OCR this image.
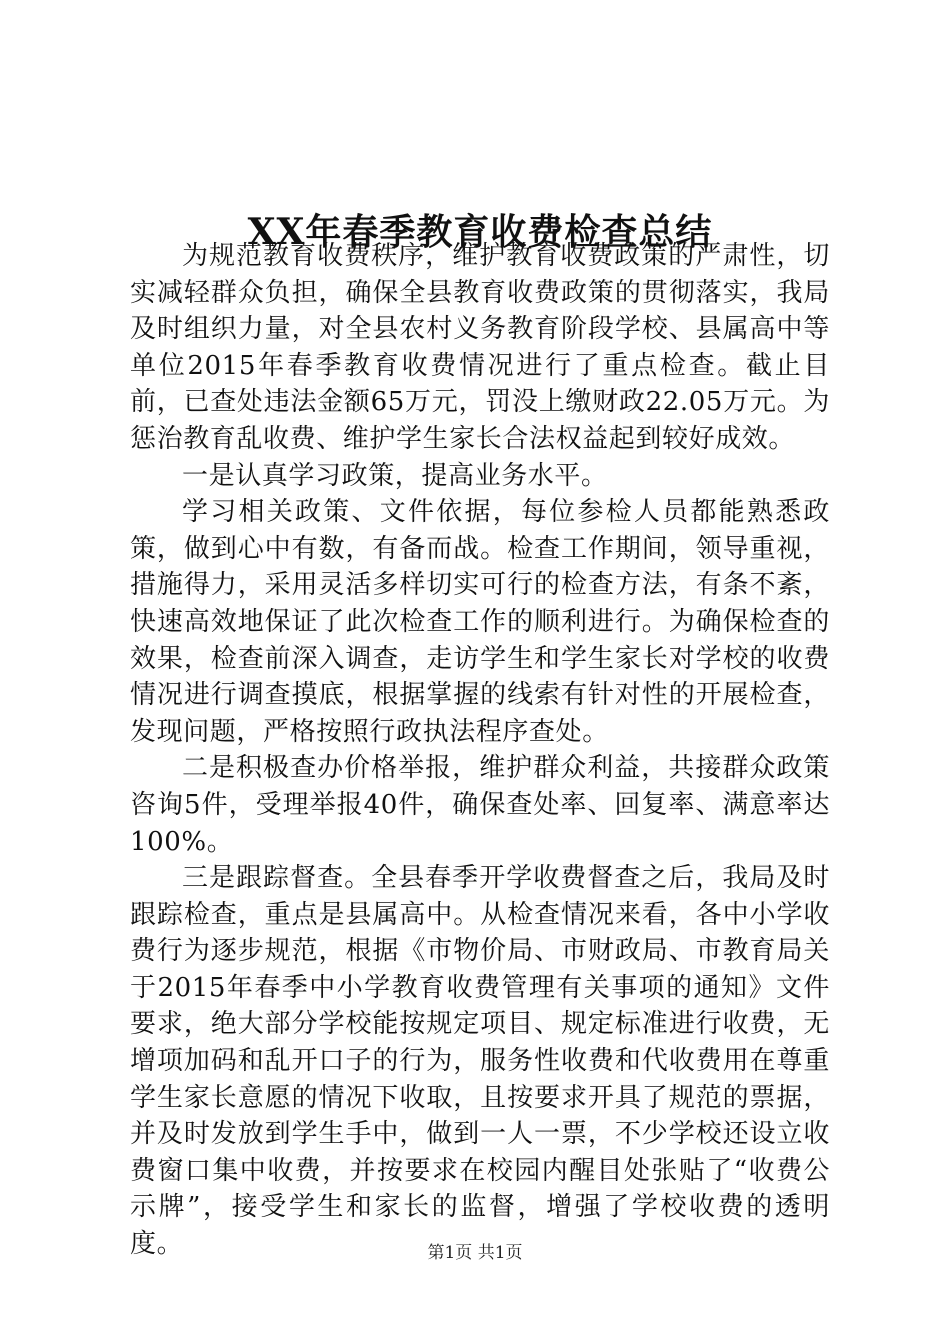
XX年春季教育收费检查总结

为规范教育收费秩序，维护教育收费政策的严肃性，切实减轻群众负担，确保全县教育收费政策的贯彻落实，我局及时组织力量，对全县农村义务教育阶段学校、县属高中等单位2015年春季教育收费情况进行了重点检查。截止目前，已查处违法金额65万元，罚没上缴财政22.05万元。为惩治教育乱收费、维护学生家长合法权益起到较好成效。

一是认真学习政策，提高业务水平。

学习相关政策、文件依据，每位参检人员都能熟悉政策，做到心中有数，有备而战。检查工作期间，领导重视，措施得力，采用灵活多样切实可行的检查方法，有条不紊，快速高效地保证了此次检查工作的顺利进行。为确保检查的效果，检查前深入调查，走访学生和学生家长对学校的收费情况进行调查摸底，根据掌握的线索有针对性的开展检查，发现问题，严格按照行政执法程序查处。

二是积极查办价格举报，维护群众利益，共接群众政策咨询5件，受理举报40件，确保查处率、回复率、满意率达100%。

三是跟踪督查。全县春季开学收费督查之后，我局及时跟踪检查，重点是县属高中。从检查情况来看，各中小学收费行为逐步规范，根据《市物价局、市财政局、市教育局关于2015年春季中小学教育收费管理有关事项的通知》文件要求，绝大部分学校能按规定项目、规定标准进行收费，无增项加码和乱开口子的行为，服务性收费和代收费用在尊重学生家长意愿的情况下收取，且按要求开具了规范的票据，并及时发放到学生手中，做到一人一票，不少学校还设立收费窗口集中收费，并按要求在校园内醒目处张贴了“收费公示牌”，接受学生和家长的监督，增强了学校收费的透明度。	第1页 共1页
